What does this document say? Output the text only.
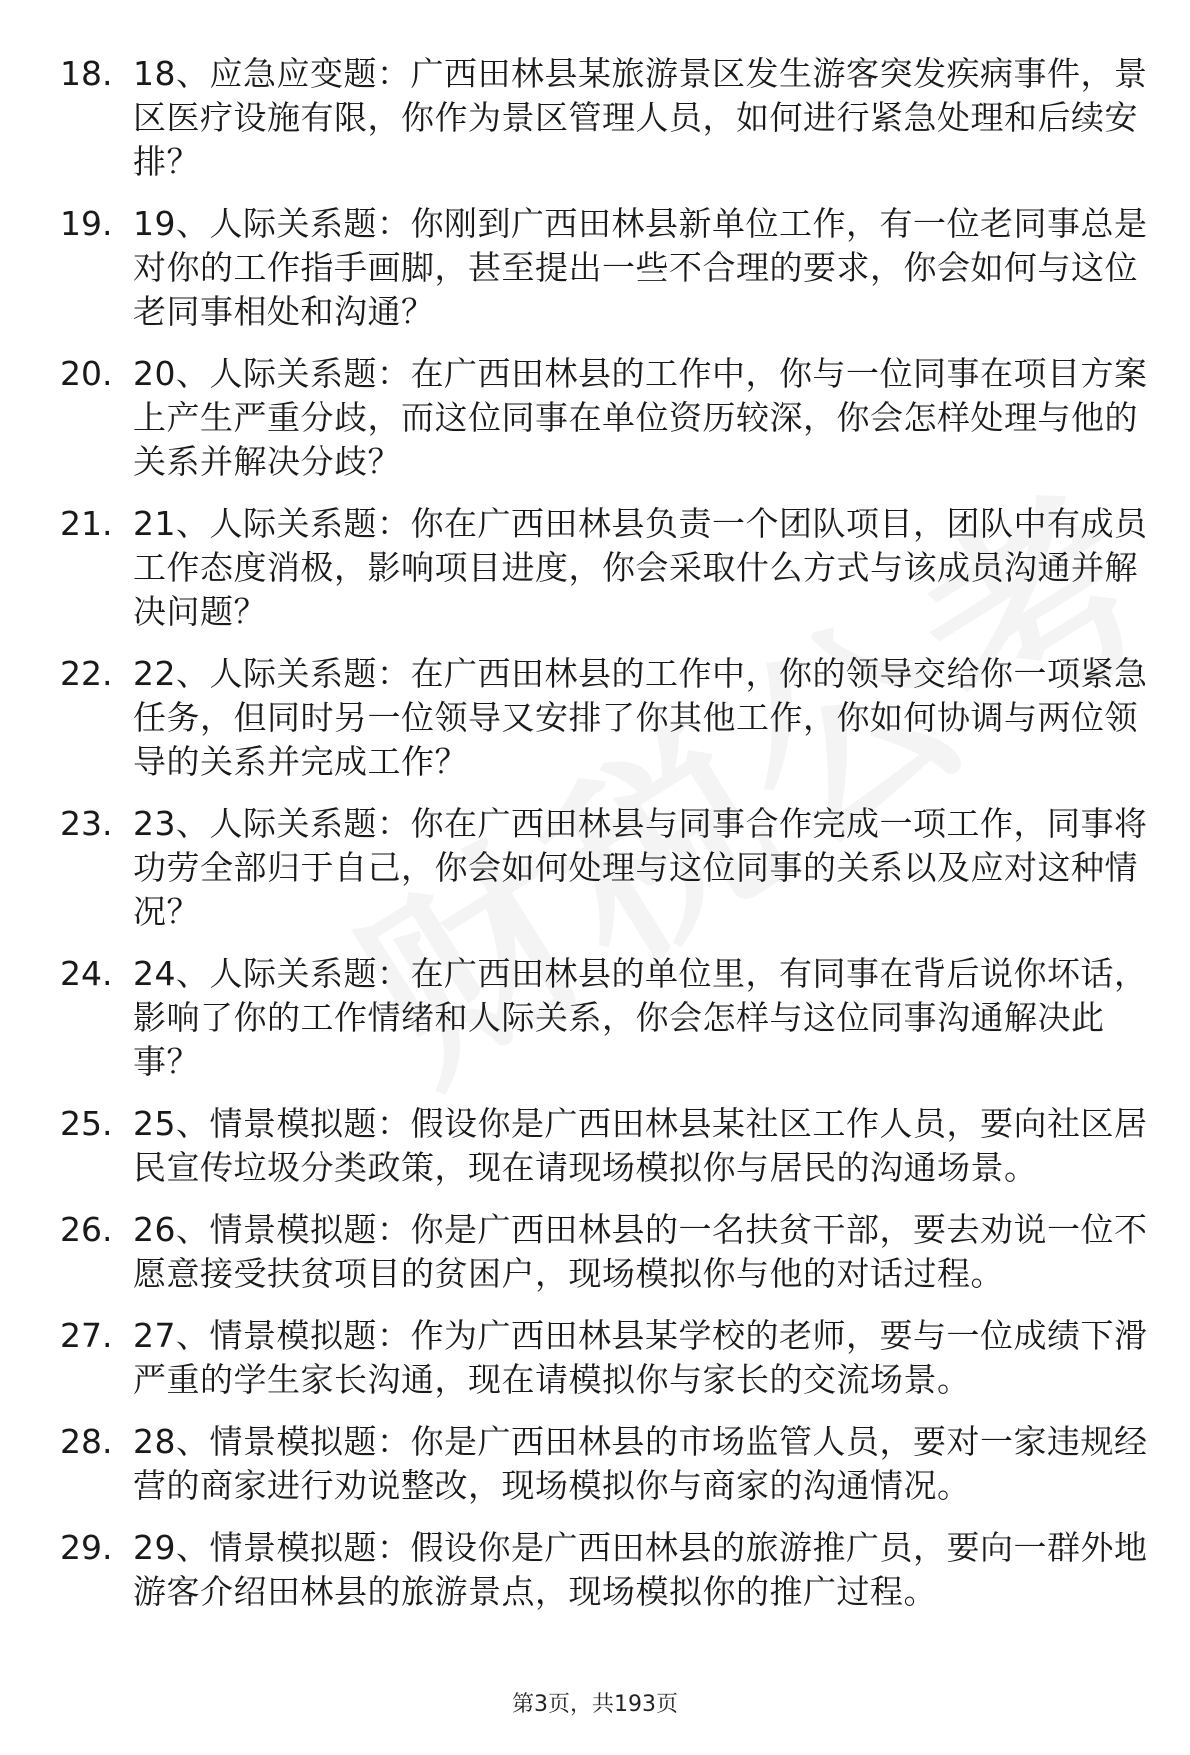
18. 18、应急应变题：广西田林县某旅游景区发生游客突发疾病事件，景区医疗设施有限，你作为景区管理人员，如何进行紧急处理和后续安排？
19. 19、人际关系题：你刚到广西田林县新单位工作，有一位老同事总是对你的工作指手画脚，甚至提出一些不合理的要求，你会如何与这位老同事相处和沟通？
20. 20、人际关系题：在广西田林县的工作中，你与一位同事在项目方案上产生严重分歧，而这位同事在单位资历较深，你会怎样处理与他的关系并解决分歧？
21. 21、人际关系题：你在广西田林县负责一个团队项目，团队中有成员工作态度消极，影响项目进度，你会采取什么方式与该成员沟通并解决问题？
22. 22、人际关系题：在广西田林县的工作中，你的领导交给你一项紧急任务，但同时另一位领导又安排了你其他工作，你如何协调与两位领导的关系并完成工作？
23. 23、人际关系题：你在广西田林县与同事合作完成一项工作，同事将功劳全部归于自己，你会如何处理与这位同事的关系以及应对这种情况？
24. 24、人际关系题：在广西田林县的单位里，有同事在背后说你坏话，影响了你的工作情绪和人际关系，你会怎样与这位同事沟通解决此事？
25. 25、情景模拟题：假设你是广西田林县某社区工作人员，要向社区居民宣传垃圾分类政策，现在请现场模拟你与居民的沟通场景。
26. 26、情景模拟题：你是广西田林县的一名扶贫干部，要去劝说一位不愿意接受扶贫项目的贫困户，现场模拟你与他的对话过程。
27. 27、情景模拟题：作为广西田林县某学校的老师，要与一位成绩下滑严重的学生家长沟通，现在请模拟你与家长的交流场景。
28. 28、情景模拟题：你是广西田林县的市场监管人员，要对一家违规经营的商家进行劝说整改，现场模拟你与商家的沟通情况。
29. 29、情景模拟题：假设你是广西田林县的旅游推广员，要向一群外地游客介绍田林县的旅游景点，现场模拟你的推广过程。
第3页，共193页
